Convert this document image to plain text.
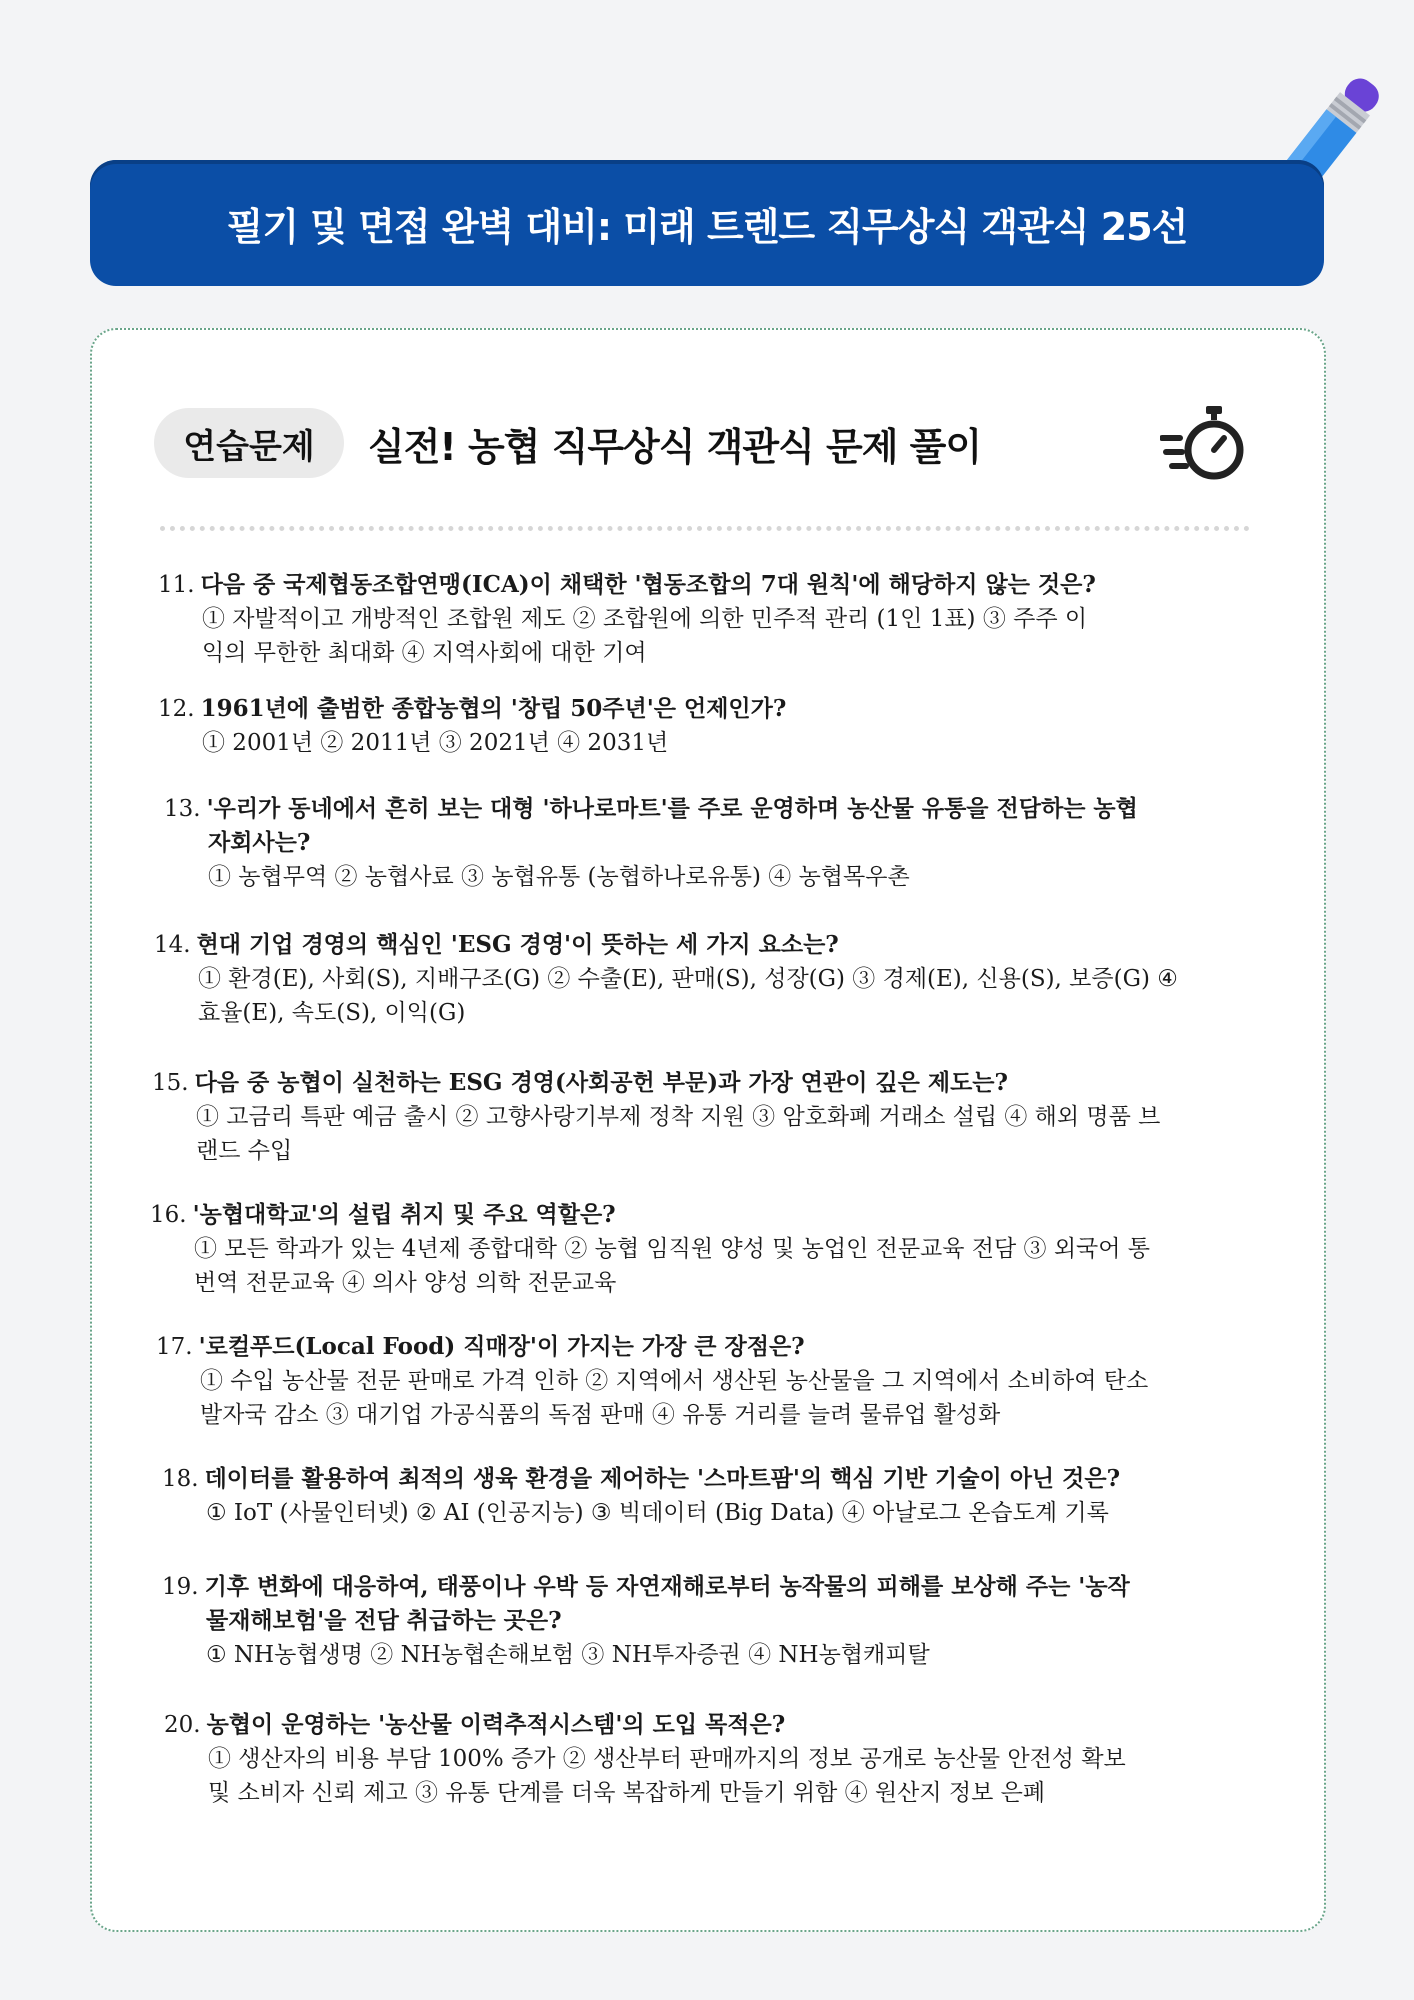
필기 및 면접 완벽 대비: 미래 트렌드 직무상식 객관식 25선
연습문제	실전! 농협 직무상식 객관식 문제 풀이
11. 다음 중 국제협동조합연맹(ICA)이 채택한 '협동조합의 7대 원칙'에 해당하지 않는 것은?
① 자발적이고 개방적인 조합원 제도 ② 조합원에 의한 민주적 관리 (1인 1표) ③ 주주 이
익의 무한한 최대화 ④ 지역사회에 대한 기여
12. 1961년에 출범한 종합농협의 '창립 50주년'은 언제인가?
① 2001년 ② 2011년 ③ 2021년 ④ 2031년
13. '우리가 동네에서 흔히 보는 대형 '하나로마트'를 주로 운영하며 농산물 유통을 전담하는 농협
자회사는?
① 농협무역 ② 농협사료 ③ 농협유통 (농협하나로유통) ④ 농협목우촌
14. 현대 기업 경영의 핵심인 'ESG 경영'이 뜻하는 세 가지 요소는?
① 환경(E), 사회(S), 지배구조(G) ② 수출(E), 판매(S), 성장(G) ③ 경제(E), 신용(S), 보증(G) ④
효율(E), 속도(S), 이익(G)
15. 다음 중 농협이 실천하는 ESG 경영(사회공헌 부문)과 가장 연관이 깊은 제도는?
① 고금리 특판 예금 출시 ② 고향사랑기부제 정착 지원 ③ 암호화폐 거래소 설립 ④ 해외 명품 브
랜드 수입
16. '농협대학교'의 설립 취지 및 주요 역할은?
① 모든 학과가 있는 4년제 종합대학 ② 농협 임직원 양성 및 농업인 전문교육 전담 ③ 외국어 통
번역 전문교육 ④ 의사 양성 의학 전문교육
17. '로컬푸드(Local Food) 직매장'이 가지는 가장 큰 장점은?
① 수입 농산물 전문 판매로 가격 인하 ② 지역에서 생산된 농산물을 그 지역에서 소비하여 탄소
발자국 감소 ③ 대기업 가공식품의 독점 판매 ④ 유통 거리를 늘려 물류업 활성화
18. 데이터를 활용하여 최적의 생육 환경을 제어하는 '스마트팜'의 핵심 기반 기술이 아닌 것은?
① IoT (사물인터넷) ② AI (인공지능) ③ 빅데이터 (Big Data) ④ 아날로그 온습도계 기록
19. 기후 변화에 대응하여, 태풍이나 우박 등 자연재해로부터 농작물의 피해를 보상해 주는 '농작
물재해보험'을 전담 취급하는 곳은?
① NH농협생명 ② NH농협손해보험 ③ NH투자증권 ④ NH농협캐피탈
20. 농협이 운영하는 '농산물 이력추적시스템'의 도입 목적은?
① 생산자의 비용 부담 100% 증가 ② 생산부터 판매까지의 정보 공개로 농산물 안전성 확보
및 소비자 신뢰 제고 ③ 유통 단계를 더욱 복잡하게 만들기 위함 ④ 원산지 정보 은폐
